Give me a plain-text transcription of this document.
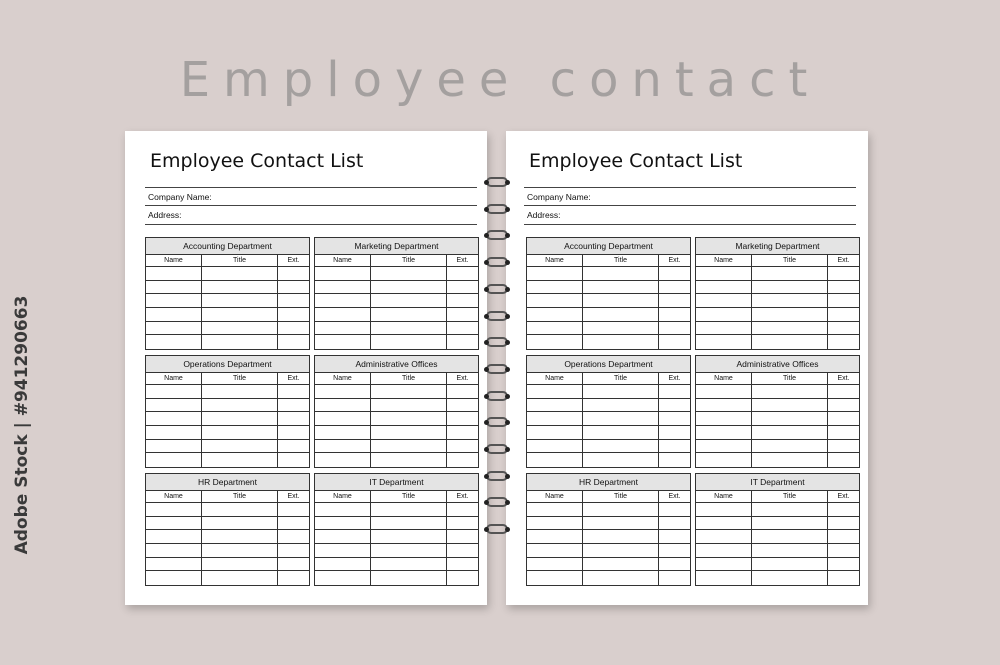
Employee contact
Adobe Stock | #941290663
Employee Contact List
Company Name:
Address:
Accounting Department
Name	Title	Ext.
Marketing Department
Name	Title	Ext.
Operations Department
Name	Title	Ext.
Administrative Offices
Name	Title	Ext.
HR Department
Name	Title	Ext.
IT Department
Name	Title	Ext.
Employee Contact List
Company Name:
Address:
Accounting Department
Name	Title	Ext.
Marketing Department
Name	Title	Ext.
Operations Department
Name	Title	Ext.
Administrative Offices
Name	Title	Ext.
HR Department
Name	Title	Ext.
IT Department
Name	Title	Ext.
